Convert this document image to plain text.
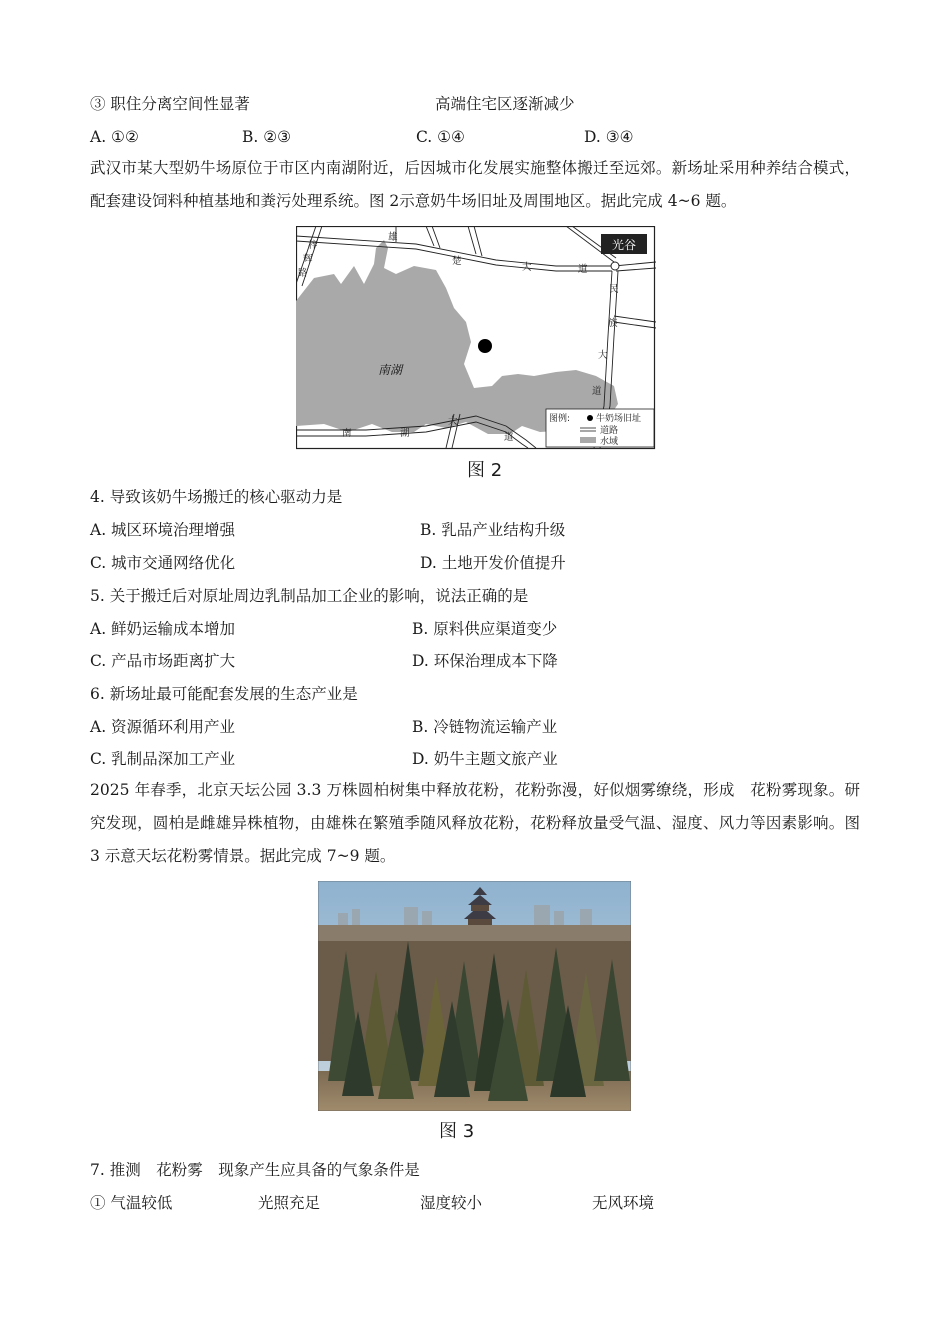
③ 职住分离空间性显著	高端住宅区逐渐减少
A. ①②	B. ②③	C. ①④	D. ③④
武汉市某大型奶牛场原位于市区内南湖附近，后因城市化发展实施整体搬迁至远郊。新场址采用种养结合模式，配套建设饲料种植基地和粪污处理系统。图 2示意奶牛场旧址及周围地区。据此完成 4~6 题。
光谷
梓
辉
路
雄
楚
大	道
民
族
大
道
南	湖
大
道
南湖
图例:	牛奶场旧址
道路
水域
图 2
4. 导致该奶牛场搬迁的核心驱动力是
A. 城区环境治理增强	B. 乳品产业结构升级
C. 城市交通网络优化	D. 土地开发价值提升
5. 关于搬迁后对原址周边乳制品加工企业的影响，说法正确的是
A. 鲜奶运输成本增加	B. 原料供应渠道变少
C. 产品市场距离扩大	D. 环保治理成本下降
6. 新场址最可能配套发展的生态产业是
A. 资源循环利用产业	B. 冷链物流运输产业
C. 乳制品深加工产业	D. 奶牛主题文旅产业
2025 年春季，北京天坛公园 3.3 万株圆柏树集中释放花粉，花粉弥漫，好似烟雾缭绕，形成　花粉雾现象。研究发现，圆柏是雌雄异株植物，由雄株在繁殖季随风释放花粉，花粉释放量受气温、湿度、风力等因素影响。图 3 示意天坛花粉雾情景。据此完成 7~9 题。
图 3
7. 推测　花粉雾　现象产生应具备的气象条件是
① 气温较低	光照充足	湿度较小	无风环境
